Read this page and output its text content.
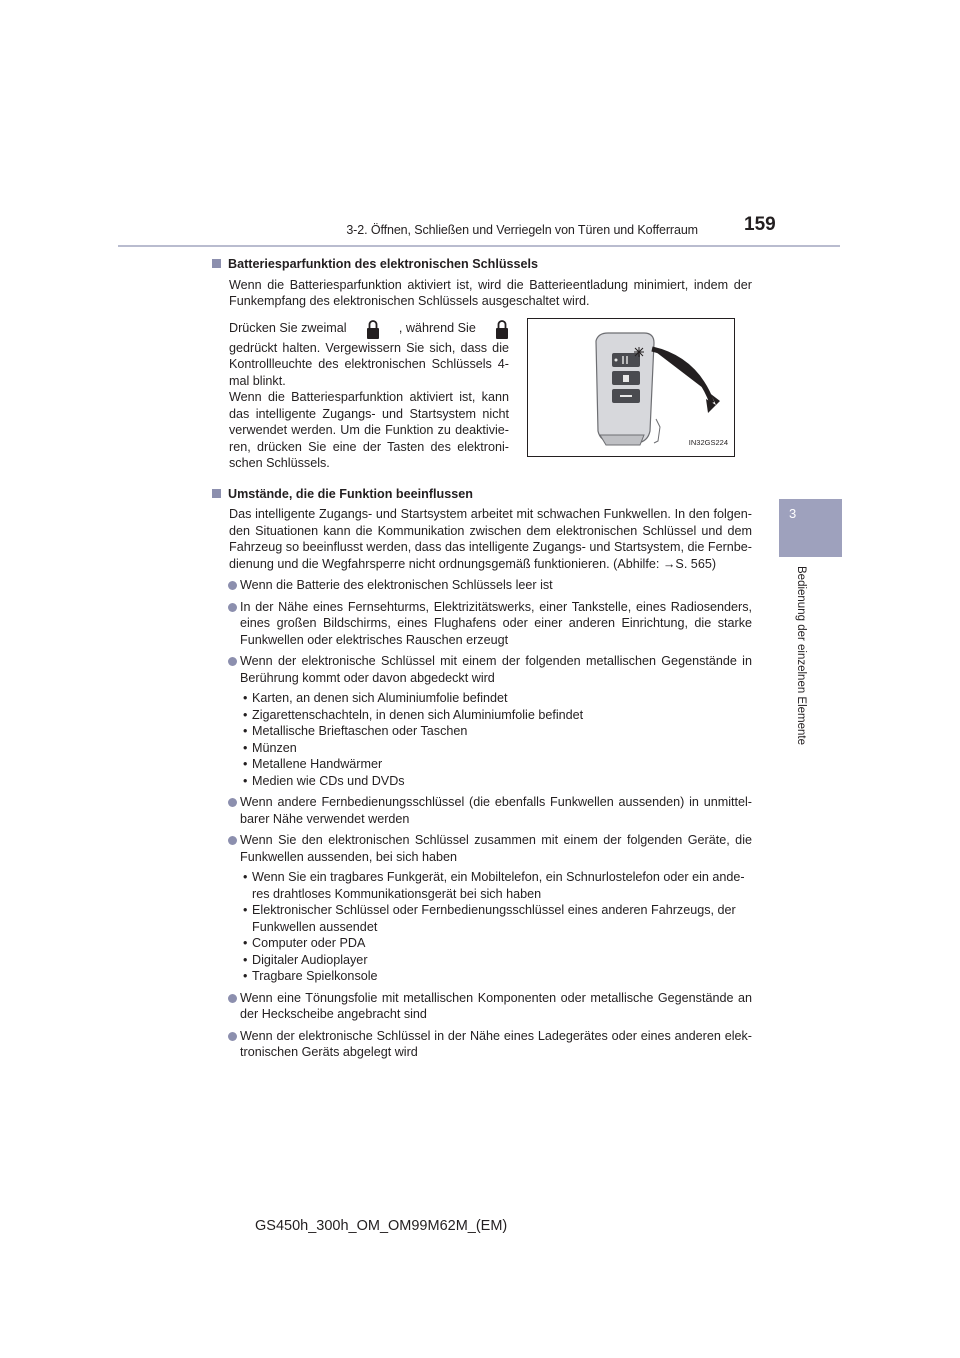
3-2. Öffnen, Schließen und Verriegeln von Türen und Kofferraum 159
3
Bedienung der einzelnen Elemente
Batteriesparfunktion des elektronischen Schlüssels
Wenn die Batteriesparfunktion aktiviert ist, wird die Batterieentladung minimiert, indem der Funkempfang des elektronischen Schlüssels ausgeschaltet wird.
Drücken Sie zweimal	, während Sie
gedrückt halten. Vergewissern Sie sich, dass die Kontrollleuchte des elektronischen Schlüssels 4-mal blinkt.
Wenn die Batteriesparfunktion aktiviert ist, kann das intelligente Zugangs- und Startsystem nicht verwendet werden. Um die Funktion zu deaktivie-ren, drücken Sie eine der Tasten des elektroni-schen Schlüssels.
IN32GS224
Umstände, die die Funktion beeinflussen
Das intelligente Zugangs- und Startsystem arbeitet mit schwachen Funkwellen. In den folgen-den Situationen kann die Kommunikation zwischen dem elektronischen Schlüssel und dem Fahrzeug so beeinflusst werden, dass das intelligente Zugangs- und Startsystem, die Fernbe-dienung und die Wegfahrsperre nicht ordnungsgemäß funktionieren. (Abhilfe: →S. 565)
Wenn die Batterie des elektronischen Schlüssels leer ist
In der Nähe eines Fernsehturms, Elektrizitätswerks, einer Tankstelle, eines Radiosenders, eines großen Bildschirms, eines Flughafens oder einer anderen Einrichtung, die starke Funkwellen oder elektrisches Rauschen erzeugt
Wenn der elektronische Schlüssel mit einem der folgenden metallischen Gegenstände in Berührung kommt oder davon abgedeckt wird
• Karten, an denen sich Aluminiumfolie befindet
• Zigarettenschachteln, in denen sich Aluminiumfolie befindet
• Metallische Brieftaschen oder Taschen
• Münzen
• Metallene Handwärmer
• Medien wie CDs und DVDs
Wenn andere Fernbedienungsschlüssel (die ebenfalls Funkwellen aussenden) in unmittel-barer Nähe verwendet werden
Wenn Sie den elektronischen Schlüssel zusammen mit einem der folgenden Geräte, die Funkwellen aussenden, bei sich haben
• Wenn Sie ein tragbares Funkgerät, ein Mobiltelefon, ein Schnurlostelefon oder ein ande-res drahtloses Kommunikationsgerät bei sich haben
• Elektronischer Schlüssel oder Fernbedienungsschlüssel eines anderen Fahrzeugs, der Funkwellen aussendet
• Computer oder PDA
• Digitaler Audioplayer
• Tragbare Spielkonsole
Wenn eine Tönungsfolie mit metallischen Komponenten oder metallische Gegenstände an der Heckscheibe angebracht sind
Wenn der elektronische Schlüssel in der Nähe eines Ladegerätes oder eines anderen elek-tronischen Geräts abgelegt wird
GS450h_300h_OM_OM99M62M_(EM)
